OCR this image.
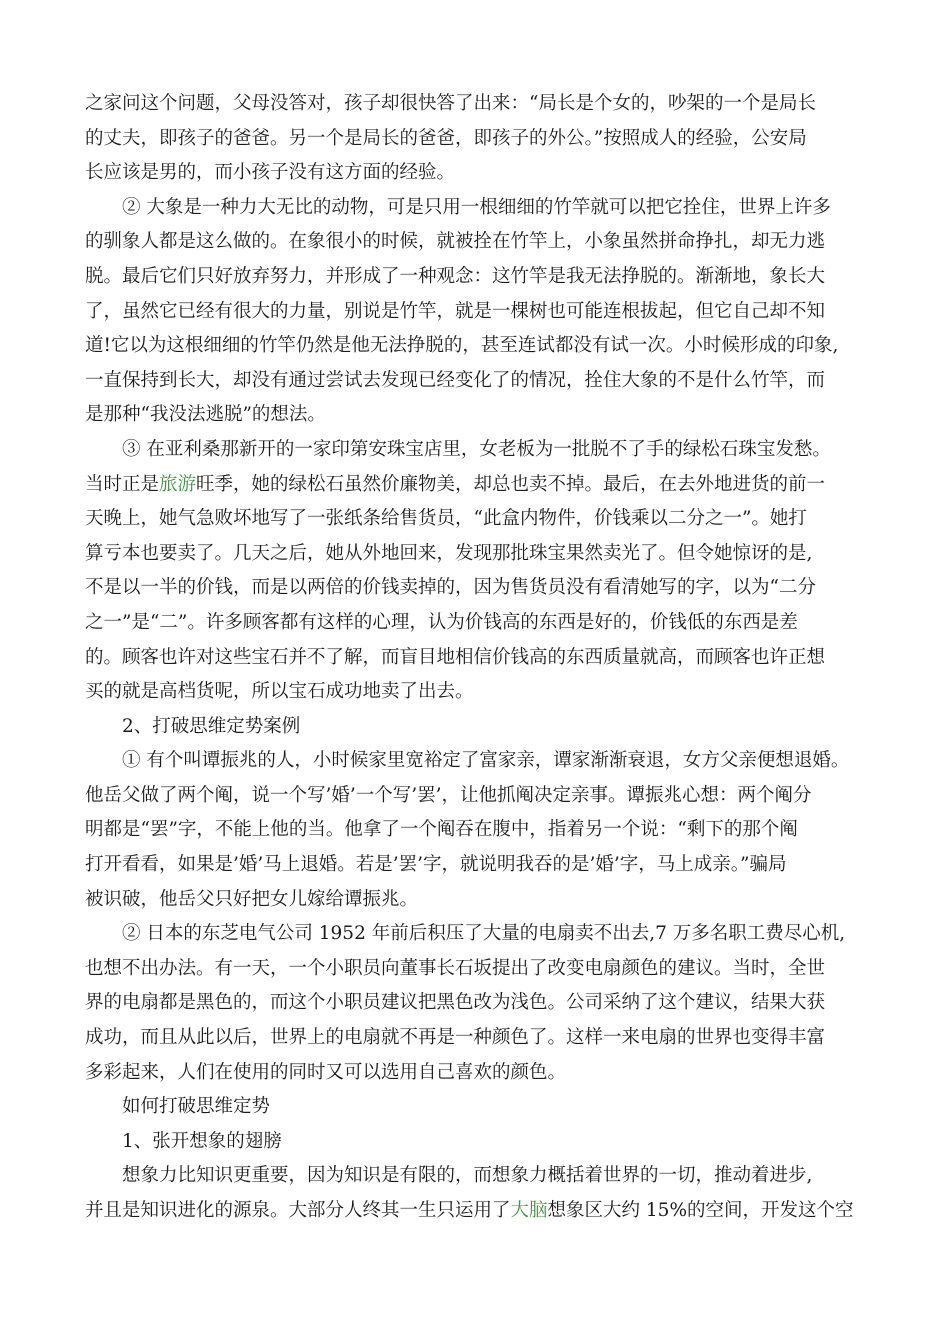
之家问这个问题，父母没答对，孩子却很快答了出来：“局长是个女的，吵架的一个是局长
的丈夫，即孩子的爸爸。另一个是局长的爸爸，即孩子的外公。”按照成人的经验，公安局
长应该是男的，而小孩子没有这方面的经验。
② 大象是一种力大无比的动物，可是只用一根细细的竹竿就可以把它拴住，世界上许多
的驯象人都是这么做的。在象很小的时候，就被拴在竹竿上，小象虽然拼命挣扎，却无力逃
脱。最后它们只好放弃努力，并形成了一种观念：这竹竿是我无法挣脱的。渐渐地，象长大
了，虽然它已经有很大的力量，别说是竹竿，就是一棵树也可能连根拔起，但它自己却不知
道!它以为这根细细的竹竿仍然是他无法挣脱的，甚至连试都没有试一次。小时候形成的印象,
一直保持到长大，却没有通过尝试去发现已经变化了的情况，拴住大象的不是什么竹竿，而
是那种“我没法逃脱”的想法。
③ 在亚利桑那新开的一家印第安珠宝店里，女老板为一批脱不了手的绿松石珠宝发愁。
当时正是旅游旺季，她的绿松石虽然价廉物美，却总也卖不掉。最后，在去外地进货的前一
天晚上，她气急败坏地写了一张纸条给售货员，“此盒内物件，价钱乘以二分之一”。她打
算亏本也要卖了。几天之后，她从外地回来，发现那批珠宝果然卖光了。但令她惊讶的是,
不是以一半的价钱，而是以两倍的价钱卖掉的，因为售货员没有看清她写的字，以为“二分
之一”是“二”。许多顾客都有这样的心理，认为价钱高的东西是好的，价钱低的东西是差
的。顾客也许对这些宝石并不了解，而盲目地相信价钱高的东西质量就高，而顾客也许正想
买的就是高档货呢，所以宝石成功地卖了出去。
2、打破思维定势案例
① 有个叫谭振兆的人，小时候家里宽裕定了富家亲，谭家渐渐衰退，女方父亲便想退婚。
他岳父做了两个阄，说一个写’婚’一个写’罢’，让他抓阄决定亲事。谭振兆心想：两个阄分
明都是“罢”字，不能上他的当。他拿了一个阄吞在腹中，指着另一个说：“剩下的那个阄
打开看看，如果是’婚’马上退婚。若是’罢’字，就说明我吞的是’婚’字，马上成亲。”骗局
被识破，他岳父只好把女儿嫁给谭振兆。
② 日本的东芝电气公司 1952 年前后积压了大量的电扇卖不出去,7 万多名职工费尽心机,
也想不出办法。有一天，一个小职员向董事长石坂提出了改变电扇颜色的建议。当时，全世
界的电扇都是黑色的，而这个小职员建议把黑色改为浅色。公司采纳了这个建议，结果大获
成功，而且从此以后，世界上的电扇就不再是一种颜色了。这样一来电扇的世界也变得丰富
多彩起来，人们在使用的同时又可以选用自己喜欢的颜色。
如何打破思维定势
1、张开想象的翅膀
想象力比知识更重要，因为知识是有限的，而想象力概括着世界的一切，推动着进步,
并且是知识进化的源泉。大部分人终其一生只运用了大脑想象区大约 15%的空间，开发这个空
